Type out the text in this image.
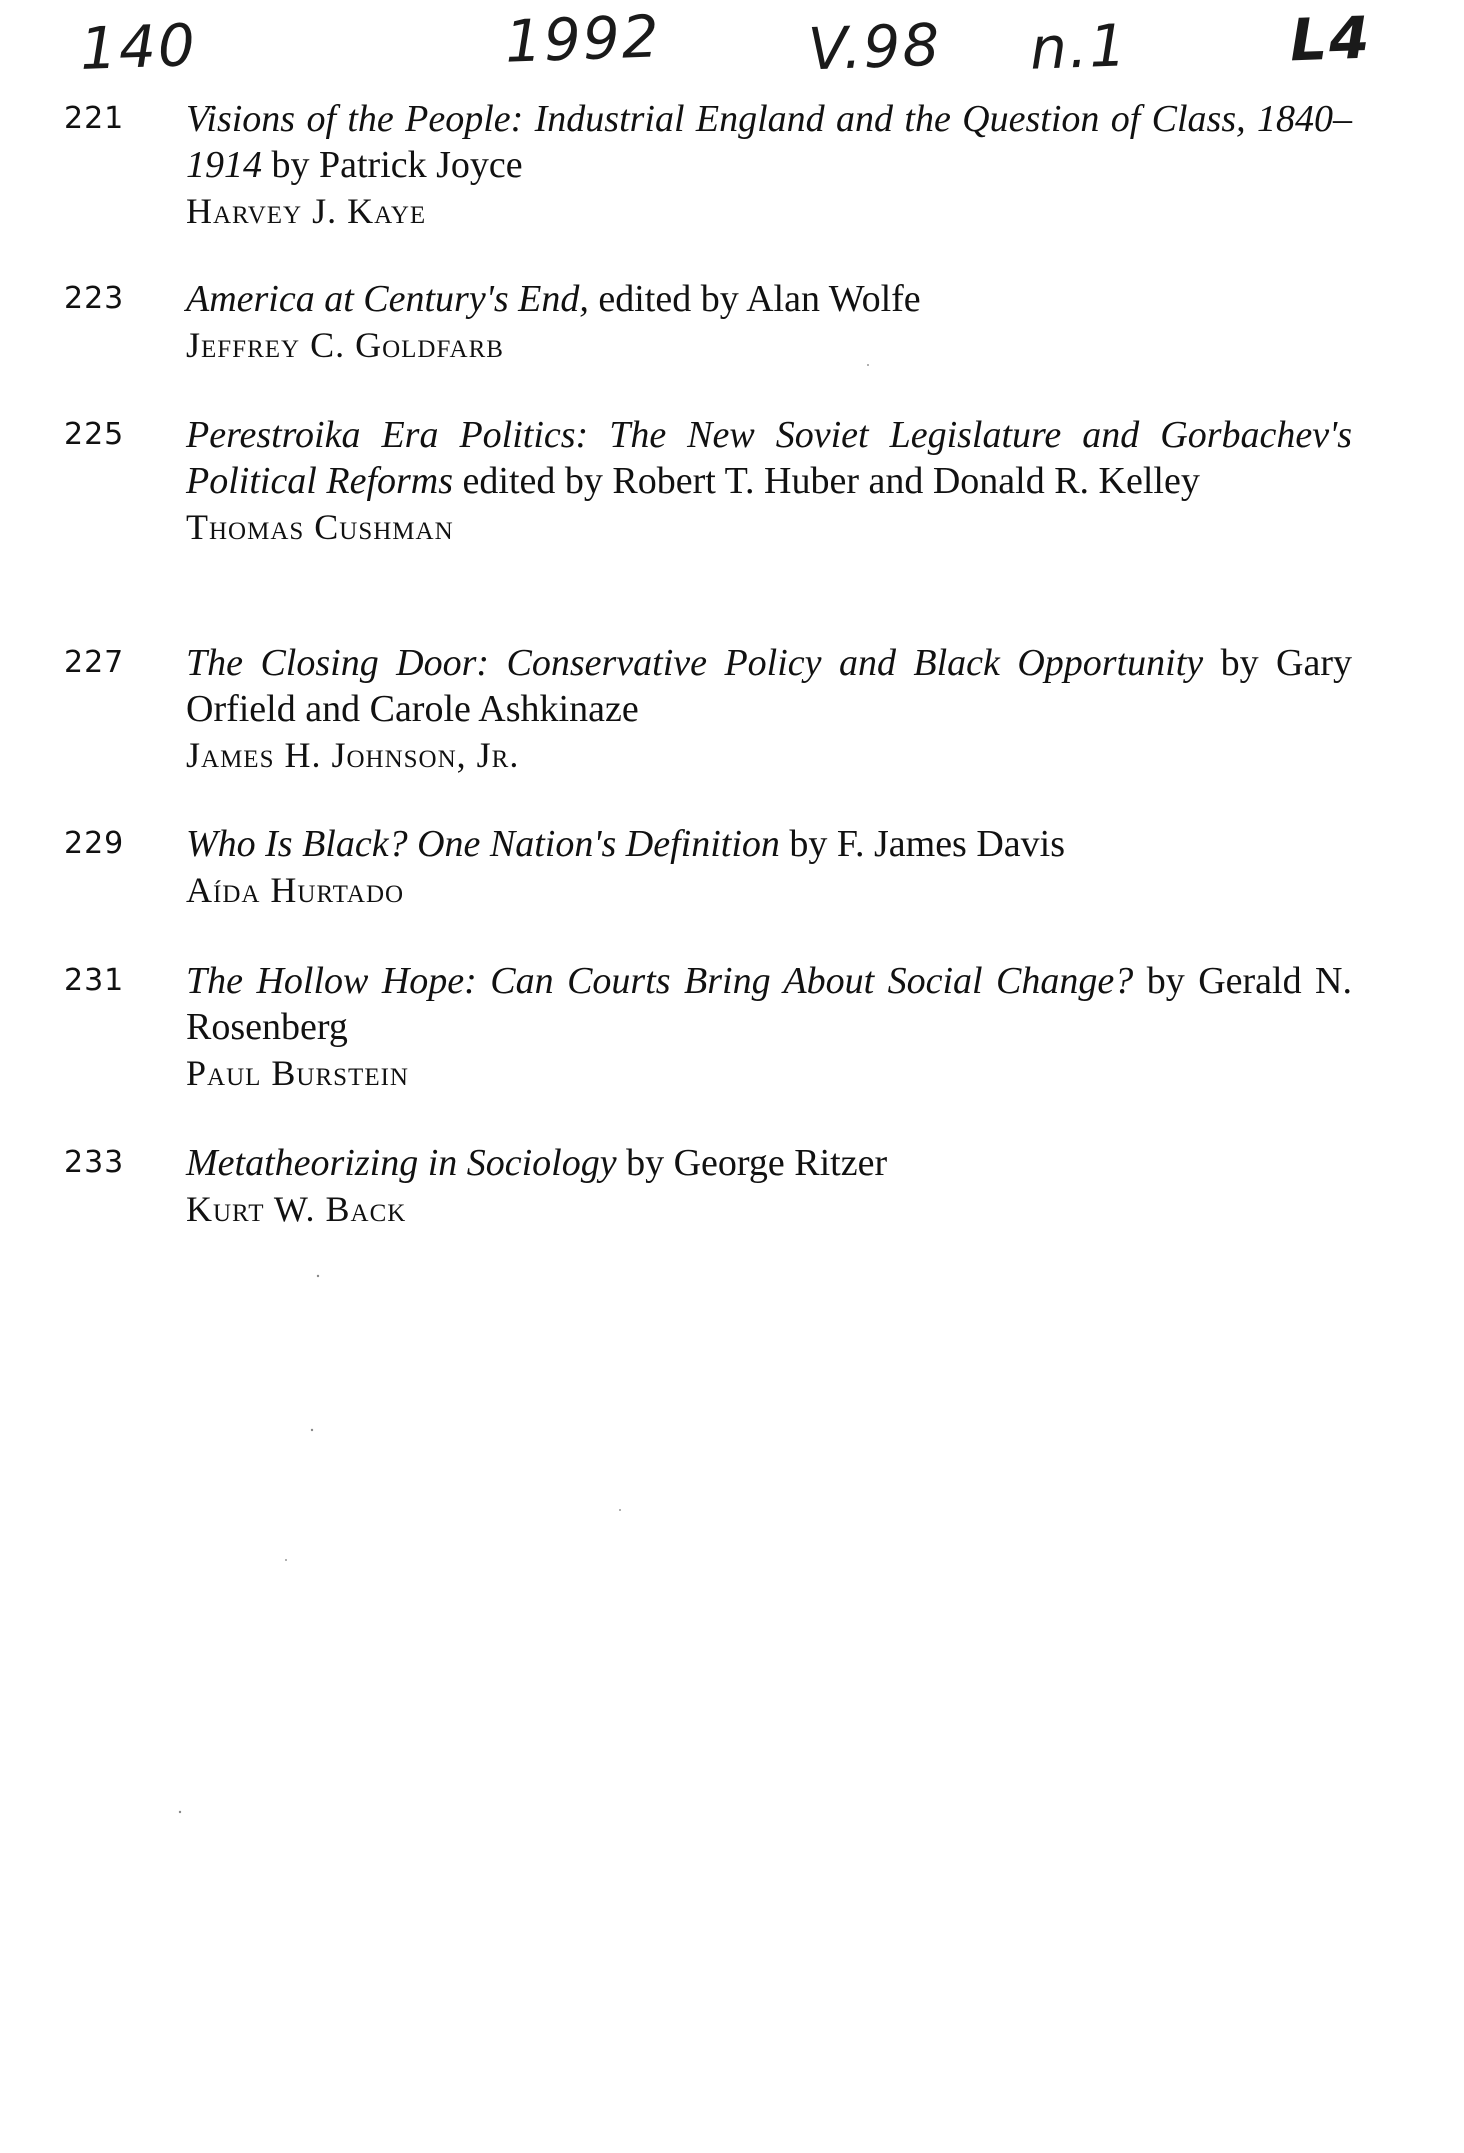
140	1992	V.98 n.1	L4
221 Visions of the People: Industrial England and the Question of Class, 1840–1914 by Patrick Joyce
Harvey J. Kaye
223 America at Century's End, edited by Alan Wolfe
Jeffrey C. Goldfarb
225 Perestroika Era Politics: The New Soviet Legislature and Gorbachev's Political Reforms edited by Robert T. Huber and Donald R. Kelley
Thomas Cushman
227 The Closing Door: Conservative Policy and Black Opportunity by Gary Orfield and Carole Ashkinaze
James H. Johnson, Jr.
229 Who Is Black? One Nation's Definition by F. James Davis
Aída Hurtado
231 The Hollow Hope: Can Courts Bring About Social Change? by Gerald N. Rosenberg
Paul Burstein
233 Metatheorizing in Sociology by George Ritzer
Kurt W. Back
